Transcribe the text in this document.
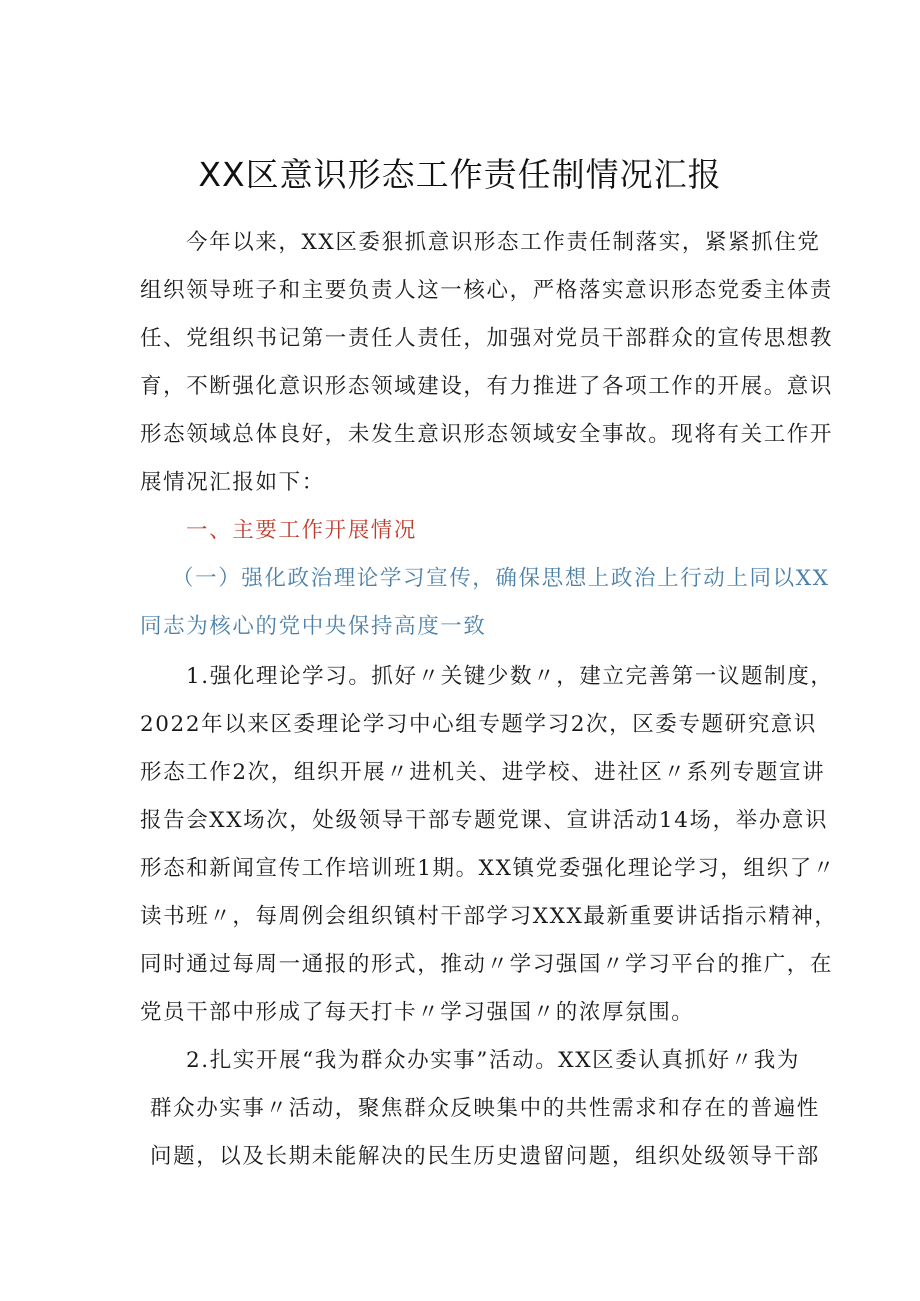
XX区意识形态工作责任制情况汇报
今年以来，XX区委狠抓意识形态工作责任制落实，紧紧抓住党
组织领导班子和主要负责人这一核心，严格落实意识形态党委主体责
任、党组织书记第一责任人责任，加强对党员干部群众的宣传思想教
育，不断强化意识形态领域建设，有力推进了各项工作的开展。意识
形态领域总体良好，未发生意识形态领域安全事故。现将有关工作开
展情况汇报如下：
一、主要工作开展情况
（一）强化政治理论学习宣传，确保思想上政治上行动上同以XX
同志为核心的党中央保持高度一致
1.强化理论学习。抓好〃关键少数〃，建立完善第一议题制度，
2022年以来区委理论学习中心组专题学习2次，区委专题研究意识
形态工作2次，组织开展〃进机关、进学校、进社区〃系列专题宣讲
报告会XX场次，处级领导干部专题党课、宣讲活动14场，举办意识
形态和新闻宣传工作培训班1期。XX镇党委强化理论学习，组织了〃
读书班〃，每周例会组织镇村干部学习XXX最新重要讲话指示精神，
同时通过每周一通报的形式，推动〃学习强国〃学习平台的推广，在
党员干部中形成了每天打卡〃学习强国〃的浓厚氛围。
2.扎实开展“我为群众办实事”活动。XX区委认真抓好〃我为
群众办实事〃活动，聚焦群众反映集中的共性需求和存在的普遍性
问题，以及长期未能解决的民生历史遗留问题，组织处级领导干部
